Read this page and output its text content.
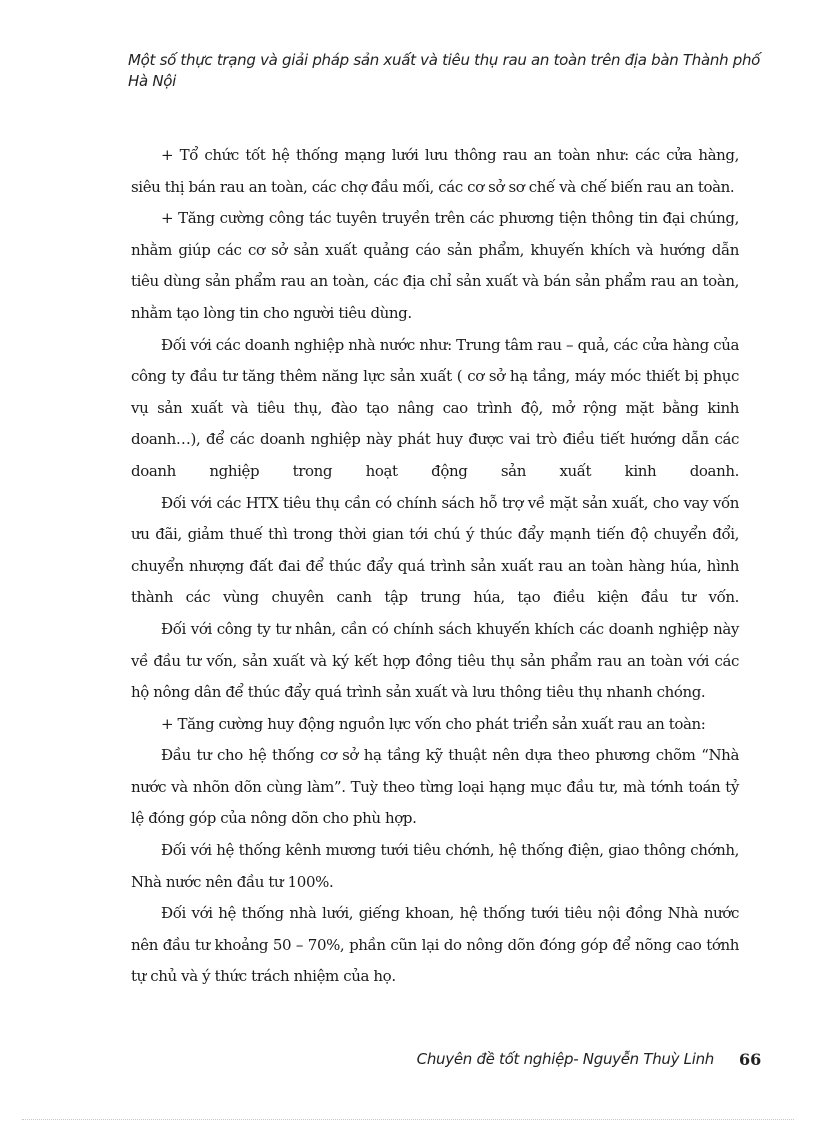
Một số thực trạng và giải pháp sản xuất và tiêu thụ rau an toàn trên địa bàn Thành phố Hà Nội

+ Tổ chức tốt hệ thống mạng lưới lưu thông rau an toàn như: các cửa hàng, siêu thị bán rau an toàn, các chợ đầu mối, các cơ sở sơ chế và chế biến rau an toàn.

+ Tăng cường công tác tuyên truyền trên các phương tiện thông tin đại chúng, nhằm giúp các cơ sở sản xuất quảng cáo sản phẩm, khuyến khích và hướng dẫn tiêu dùng sản phẩm rau an toàn, các địa chỉ sản xuất và bán sản phẩm rau an toàn, nhằm tạo lòng tin cho người tiêu dùng.

Đối với các doanh nghiệp nhà nước như: Trung tâm rau – quả, các cửa hàng của công ty đầu tư tăng thêm năng lực sản xuất ( cơ sở hạ tầng, máy móc thiết bị phục vụ sản xuất và tiêu thụ, đào tạo nâng cao trình độ, mở rộng mặt bằng kinh doanh…), để các doanh nghiệp này phát huy được vai trò điều tiết hướng dẫn các doanh nghiệp trong hoạt động sản xuất kinh doanh.

Đối với các HTX tiêu thụ cần có chính sách hỗ trợ về mặt sản xuất, cho vay vốn ưu đãi, giảm thuế thì trong thời gian tới chú ý thúc đẩy mạnh tiến độ chuyển đổi, chuyển nhượng đất đai để thúc đẩy quá trình sản xuất rau an toàn hàng húa, hình thành các vùng chuyên canh tập trung húa, tạo điều kiện đầu tư vốn.

Đối với công ty tư nhân, cần có chính sách khuyến khích các doanh nghiệp này về đầu tư vốn, sản xuất và ký kết hợp đồng tiêu thụ sản phẩm rau an toàn với các hộ nông dân để thúc đẩy quá trình sản xuất và lưu thông tiêu thụ nhanh chóng.

+ Tăng cường huy động nguồn lực vốn cho phát triển sản xuất rau an toàn:

Đầu tư cho hệ thống cơ sở hạ tầng kỹ thuật nên dựa theo phương chõm “Nhà nước và nhõn dõn cùng làm”. Tuỳ theo từng loại hạng mục đầu tư, mà tớnh toán tỷ lệ đóng góp của nông dõn cho phù hợp.

Đối với hệ thống kênh mương tưới tiêu chớnh, hệ thống điện, giao thông chớnh, Nhà nước nên đầu tư 100%.

Đối với hệ thống nhà lưới, giếng khoan, hệ thống tưới tiêu nội đồng Nhà nước nên đầu tư khoảng 50 – 70%, phần cũn lại do nông dõn đóng góp để nõng cao tớnh tự chủ và ý thức trách nhiệm của họ.

Chuyên đề tốt nghiệp- Nguyễn Thuỳ Linh 66
